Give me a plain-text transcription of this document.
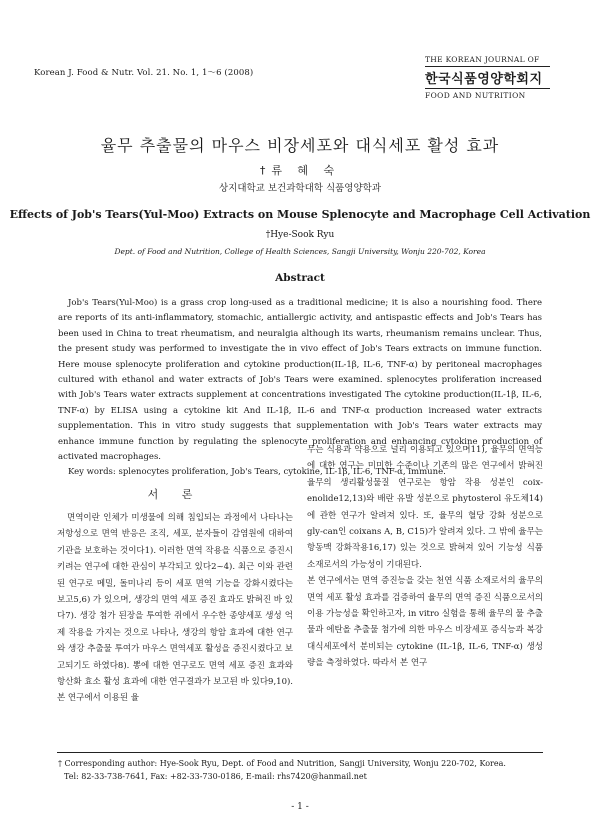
Korean J. Food & Nutr. Vol. 21. No. 1, 1～6 (2008)
THE KOREAN JOURNAL OF
한국식품영양학회지
FOOD AND NUTRITION
율무 추출물의 마우스 비장세포와 대식세포 활성 효과
†류 혜 숙
상지대학교 보건과학대학 식품영양학과
Effects of Job's Tears(Yul-Moo) Extracts on Mouse Splenocyte and Macrophage Cell Activation
†Hye-Sook Ryu
Dept. of Food and Nutrition, College of Health Sciences, Sangji University, Wonju 220-702, Korea
Abstract
Job's Tears(Yul-Moo) is a grass crop long-used as a traditional medicine; it is also a nourishing food. There are reports of its anti-inflammatory, stomachic, antiallergic activity, and antispastic effects and Job's Tears has been used in China to treat rheumatism, and neuralgia although its warts, rheumanism remains unclear. Thus, the present study was performed to investigate the in vivo effect of Job's Tears extracts on immune function. Here mouse splenocyte proliferation and cytokine production(IL-1β, IL-6, TNF-α) by peritoneal macrophages cultured with ethanol and water extracts of Job's Tears were examined. splenocytes proliferation increased with Job's Tears water extracts supplement at concentrations investigated The cytokine production(IL-1β, IL-6, TNF-α) by ELISA using a cytokine kit And IL-1β, IL-6 and TNF-α production increased water extracts supplementation. This in vitro study suggests that supplementation with Job's Tears water extracts may enhance immune function by regulating the splenocyte proliferation and enhancing cytokine production of activated macrophages.
Key words: splenocytes proliferation, Job's Tears, cytokine, IL-1β, IL-6, TNF-α, immune.
서 론
면역이란 인체가 미생물에 의해 침입되는 과정에서 나타나는 저항성으로 면역 반응은 조직, 세포, 분자들이 감염원에 대하여 기관을 보호하는 것이다1). 이러한 면역 작용을 식품으로 증진시키려는 연구에 대한 관심이 부각되고 있다2~4). 최근 이와 관련된 연구로 메밀, 돌미나리 등이 세포 면역 기능을 강화시켰다는 보고5,6) 가 있으며, 생강의 면역 세포 증진 효과도 밝혀진 바 있다7). 생강 첨가 된장을 투여한 쥐에서 우수한 종양세포 생성 억제 작용을 가지는 것으로 나타나, 생강의 항암 효과에 대한 연구와 생강 추출물 투여가 마우스 면역세포 활성을 증진시켰다고 보고되기도 하였다8). 뽕에 대한 연구로도 면역 세포 증진 효과와 항산화 효소 활성 효과에 대한 연구결과가 보고된 바 있다9,10). 본 연구에서 이용된 율
무는 식용과 약용으로 널리 이용되고 있으며11), 율무의 면역능에 대한 연구는 미미한 수준이나 기존의 많은 연구에서 밝혀진 율무의 생리활성물질 연구로는 항암 작용 성분인 coix-enolide12,13)와 배란 유발 성분으로 phytosterol 유도체14)에 관한 연구가 알려져 있다. 또, 율무의 혈당 강화 성분으로 gly-can인 coixans A, B, C15)가 알려져 있다. 그 밖에 율무는 항동맥 강화작용16,17) 있는 것으로 밝혀져 있어 기능성 식품 소재로서의 가능성이 기대된다.
본 연구에서는 면역 증진능을 갖는 천연 식품 소재로서의 율무의 면역 세포 활성 효과를 검증하여 율무의 면역 증진 식품으로서의 이용 가능성을 확인하고자, in vitro 실험을 통해 율무의 물 추출물과 에탄올 추출물 첨가에 의한 마우스 비장세포 증식능과 복강 대식세포에서 분비되는 cytokine (IL-1β, IL-6, TNF-α) 생성량을 측정하였다. 따라서 본 연구
† Corresponding author: Hye-Sook Ryu, Dept. of Food and Nutrition, Sangji University, Wonju 220-702, Korea.
Tel: 82-33-738-7641, Fax: +82-33-730-0186, E-mail: rhs7420@hanmail.net
- 1 -
